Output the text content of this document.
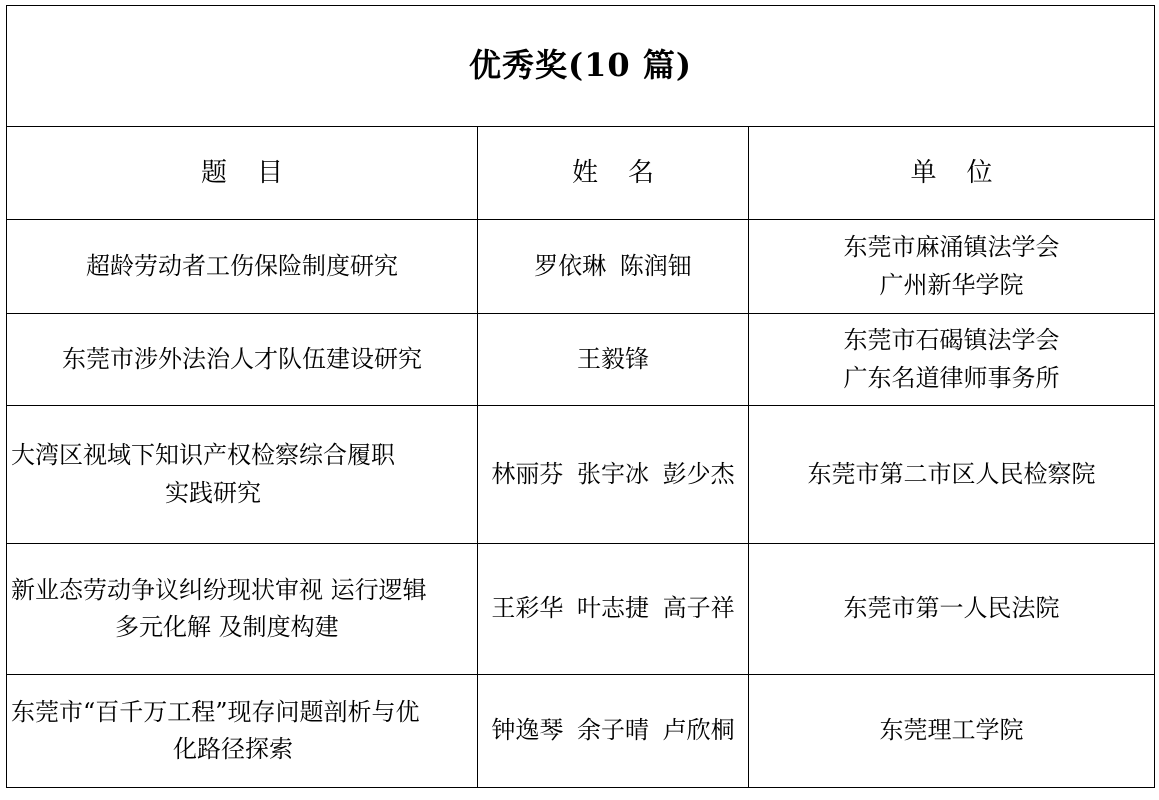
优秀奖(10 篇)		
题目	姓名	单位

超龄劳动者工伤保险制度研究	罗依琳 陈润钿	东莞市麻涌镇法学会
广州新华学院

东莞市涉外法治人才队伍建设研究	王毅锋	东莞市石碣镇法学会
广东名道律师事务所

大湾区视域下知识产权检察综合履职
实践研究	林丽芬 张宇冰 彭少杰	东莞市第二市区人民检察院

新业态劳动争议纠纷现状审视 运行逻辑
多元化解 及制度构建	王彩华 叶志捷 高子祥	东莞市第一人民法院

东莞市“百千万工程”现存问题剖析与优
化路径探索	钟逸琴 余子晴 卢欣桐	东莞理工学院
